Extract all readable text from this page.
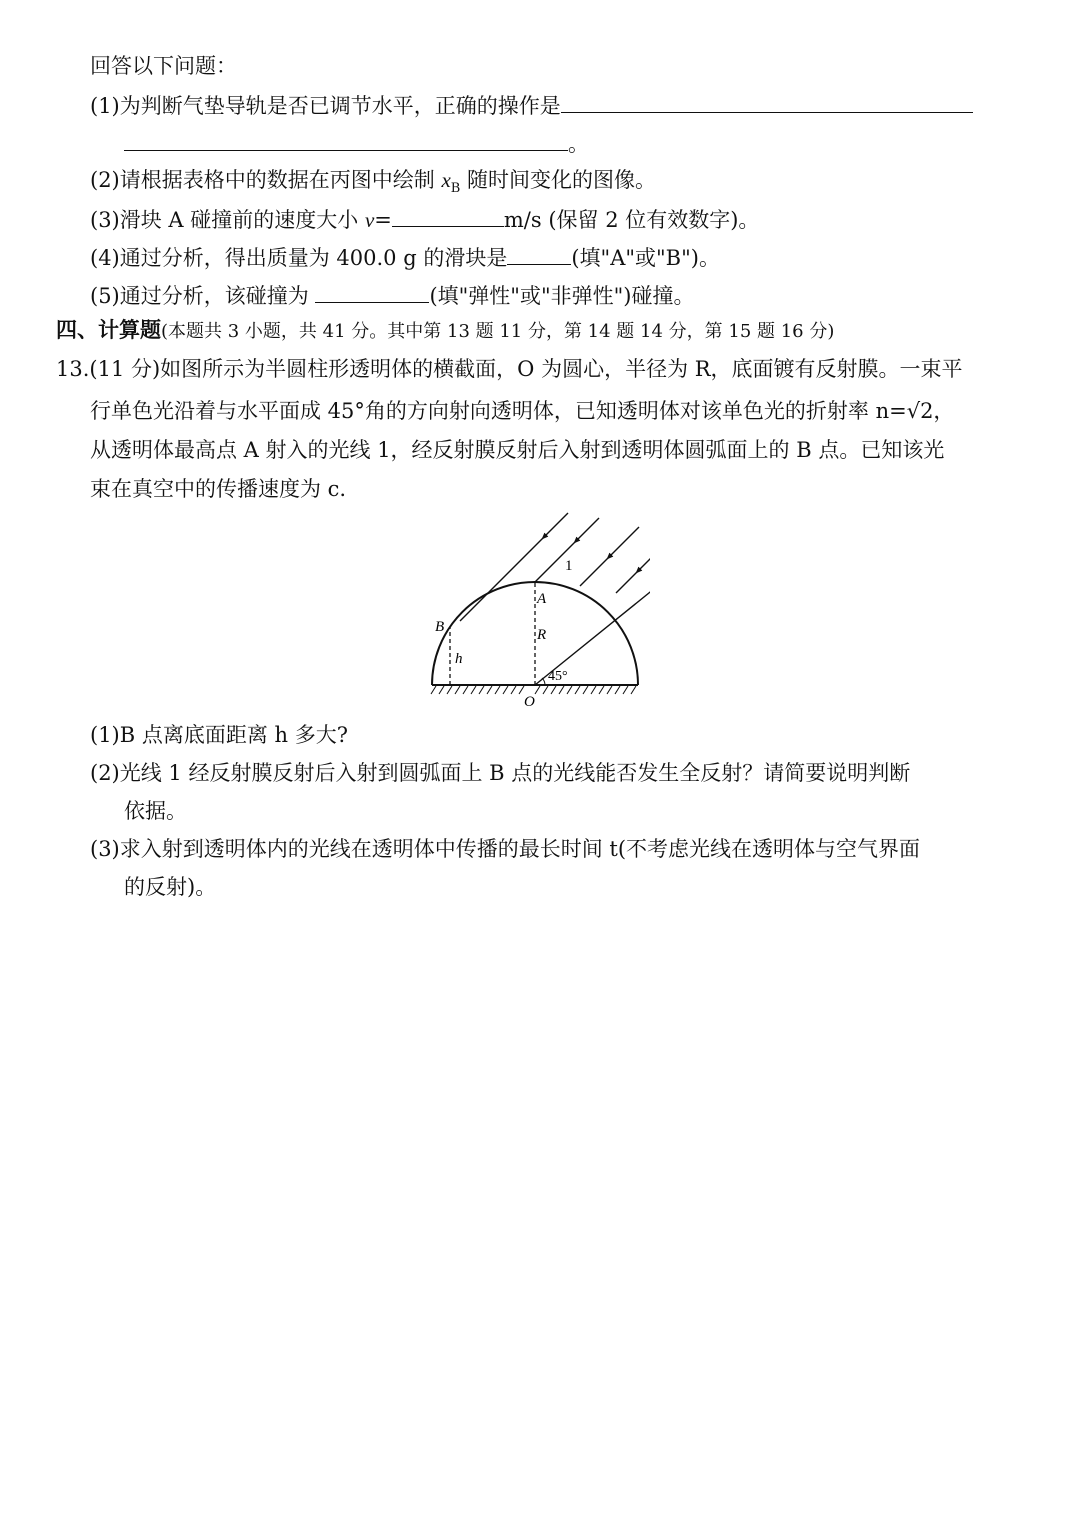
回答以下问题：
(1)为判断气垫导轨是否已调节水平，正确的操作是
。
(2)请根据表格中的数据在丙图中绘制 $x_B$ 随时间变化的图像。
(3)滑块 A 碰撞前的速度大小 v=	m/s (保留 2 位有效数字)。
(4)通过分析，得出质量为 400.0 g 的滑块是	(填"A"或"B")。
(5)通过分析，该碰撞为	(填"弹性"或"非弹性")碰撞。
四、计算题(本题共 3 小题，共 41 分。其中第 13 题 11 分，第 14 题 14 分，第 15 题 16 分)
13.(11 分)如图所示为半圆柱形透明体的横截面，O 为圆心，半径为 R，底面镀有反射膜。一束平
行单色光沿着与水平面成 45°角的方向射向透明体，已知透明体对该单色光的折射率 n=√2，
从透明体最高点 A 射入的光线 1，经反射膜反射后入射到透明体圆弧面上的 B 点。已知该光
束在真空中的传播速度为 c.
1
A
R
B
h
45°
O
(1)B 点离底面距离 h 多大?
(2)光线 1 经反射膜反射后入射到圆弧面上 B 点的光线能否发生全反射？请简要说明判断
依据。
(3)求入射到透明体内的光线在透明体中传播的最长时间 t(不考虑光线在透明体与空气界面
的反射)。
